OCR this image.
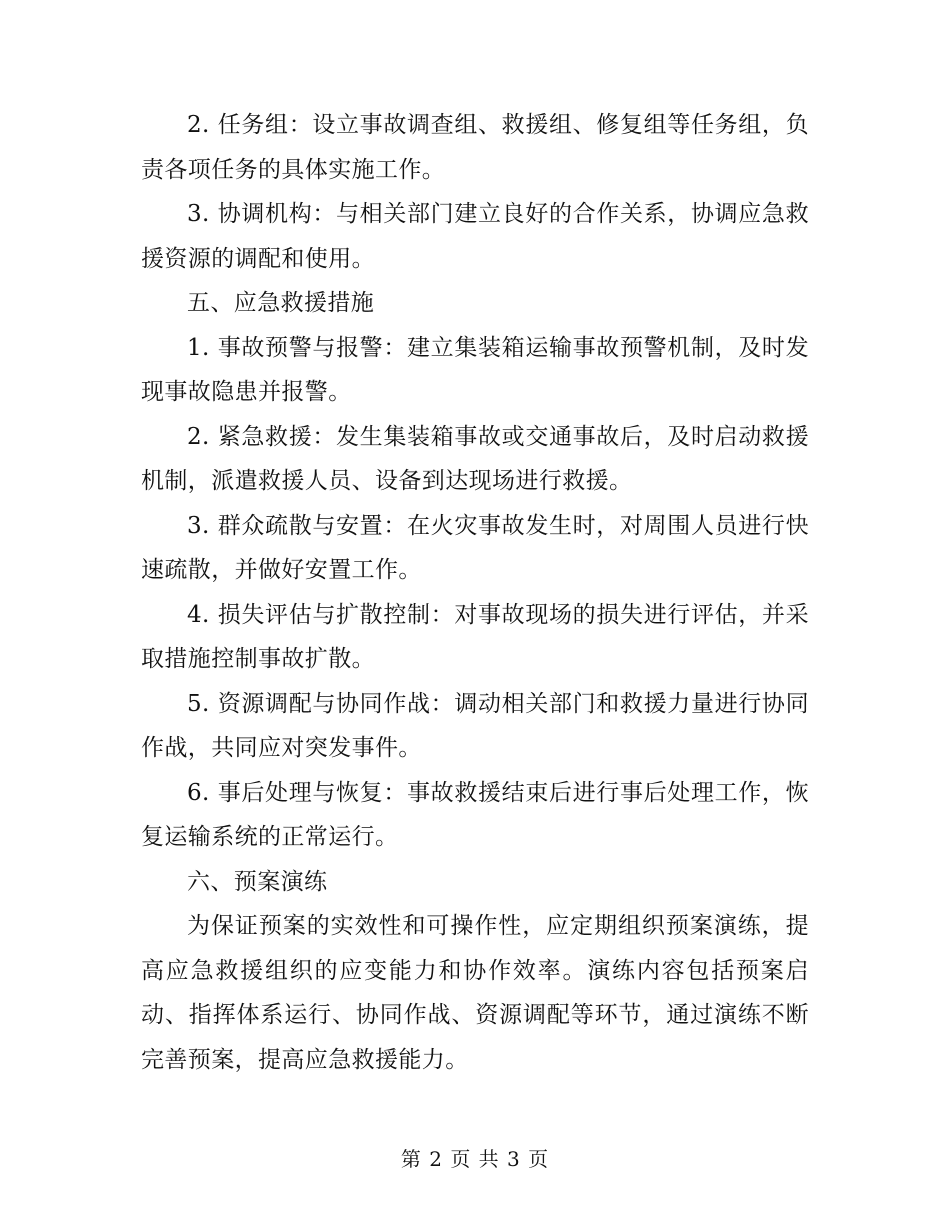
2. 任务组：设立事故调查组、救援组、修复组等任务组，负责各项任务的具体实施工作。

3. 协调机构：与相关部门建立良好的合作关系，协调应急救援资源的调配和使用。

五、应急救援措施

1. 事故预警与报警：建立集装箱运输事故预警机制，及时发现事故隐患并报警。

2. 紧急救援：发生集装箱事故或交通事故后，及时启动救援机制，派遣救援人员、设备到达现场进行救援。

3. 群众疏散与安置：在火灾事故发生时，对周围人员进行快速疏散，并做好安置工作。

4. 损失评估与扩散控制：对事故现场的损失进行评估，并采取措施控制事故扩散。

5. 资源调配与协同作战：调动相关部门和救援力量进行协同作战，共同应对突发事件。

6. 事后处理与恢复：事故救援结束后进行事后处理工作，恢复运输系统的正常运行。

六、预案演练

为保证预案的实效性和可操作性，应定期组织预案演练，提高应急救援组织的应变能力和协作效率。演练内容包括预案启动、指挥体系运行、协同作战、资源调配等环节，通过演练不断完善预案，提高应急救援能力。

第 2 页 共 3 页
